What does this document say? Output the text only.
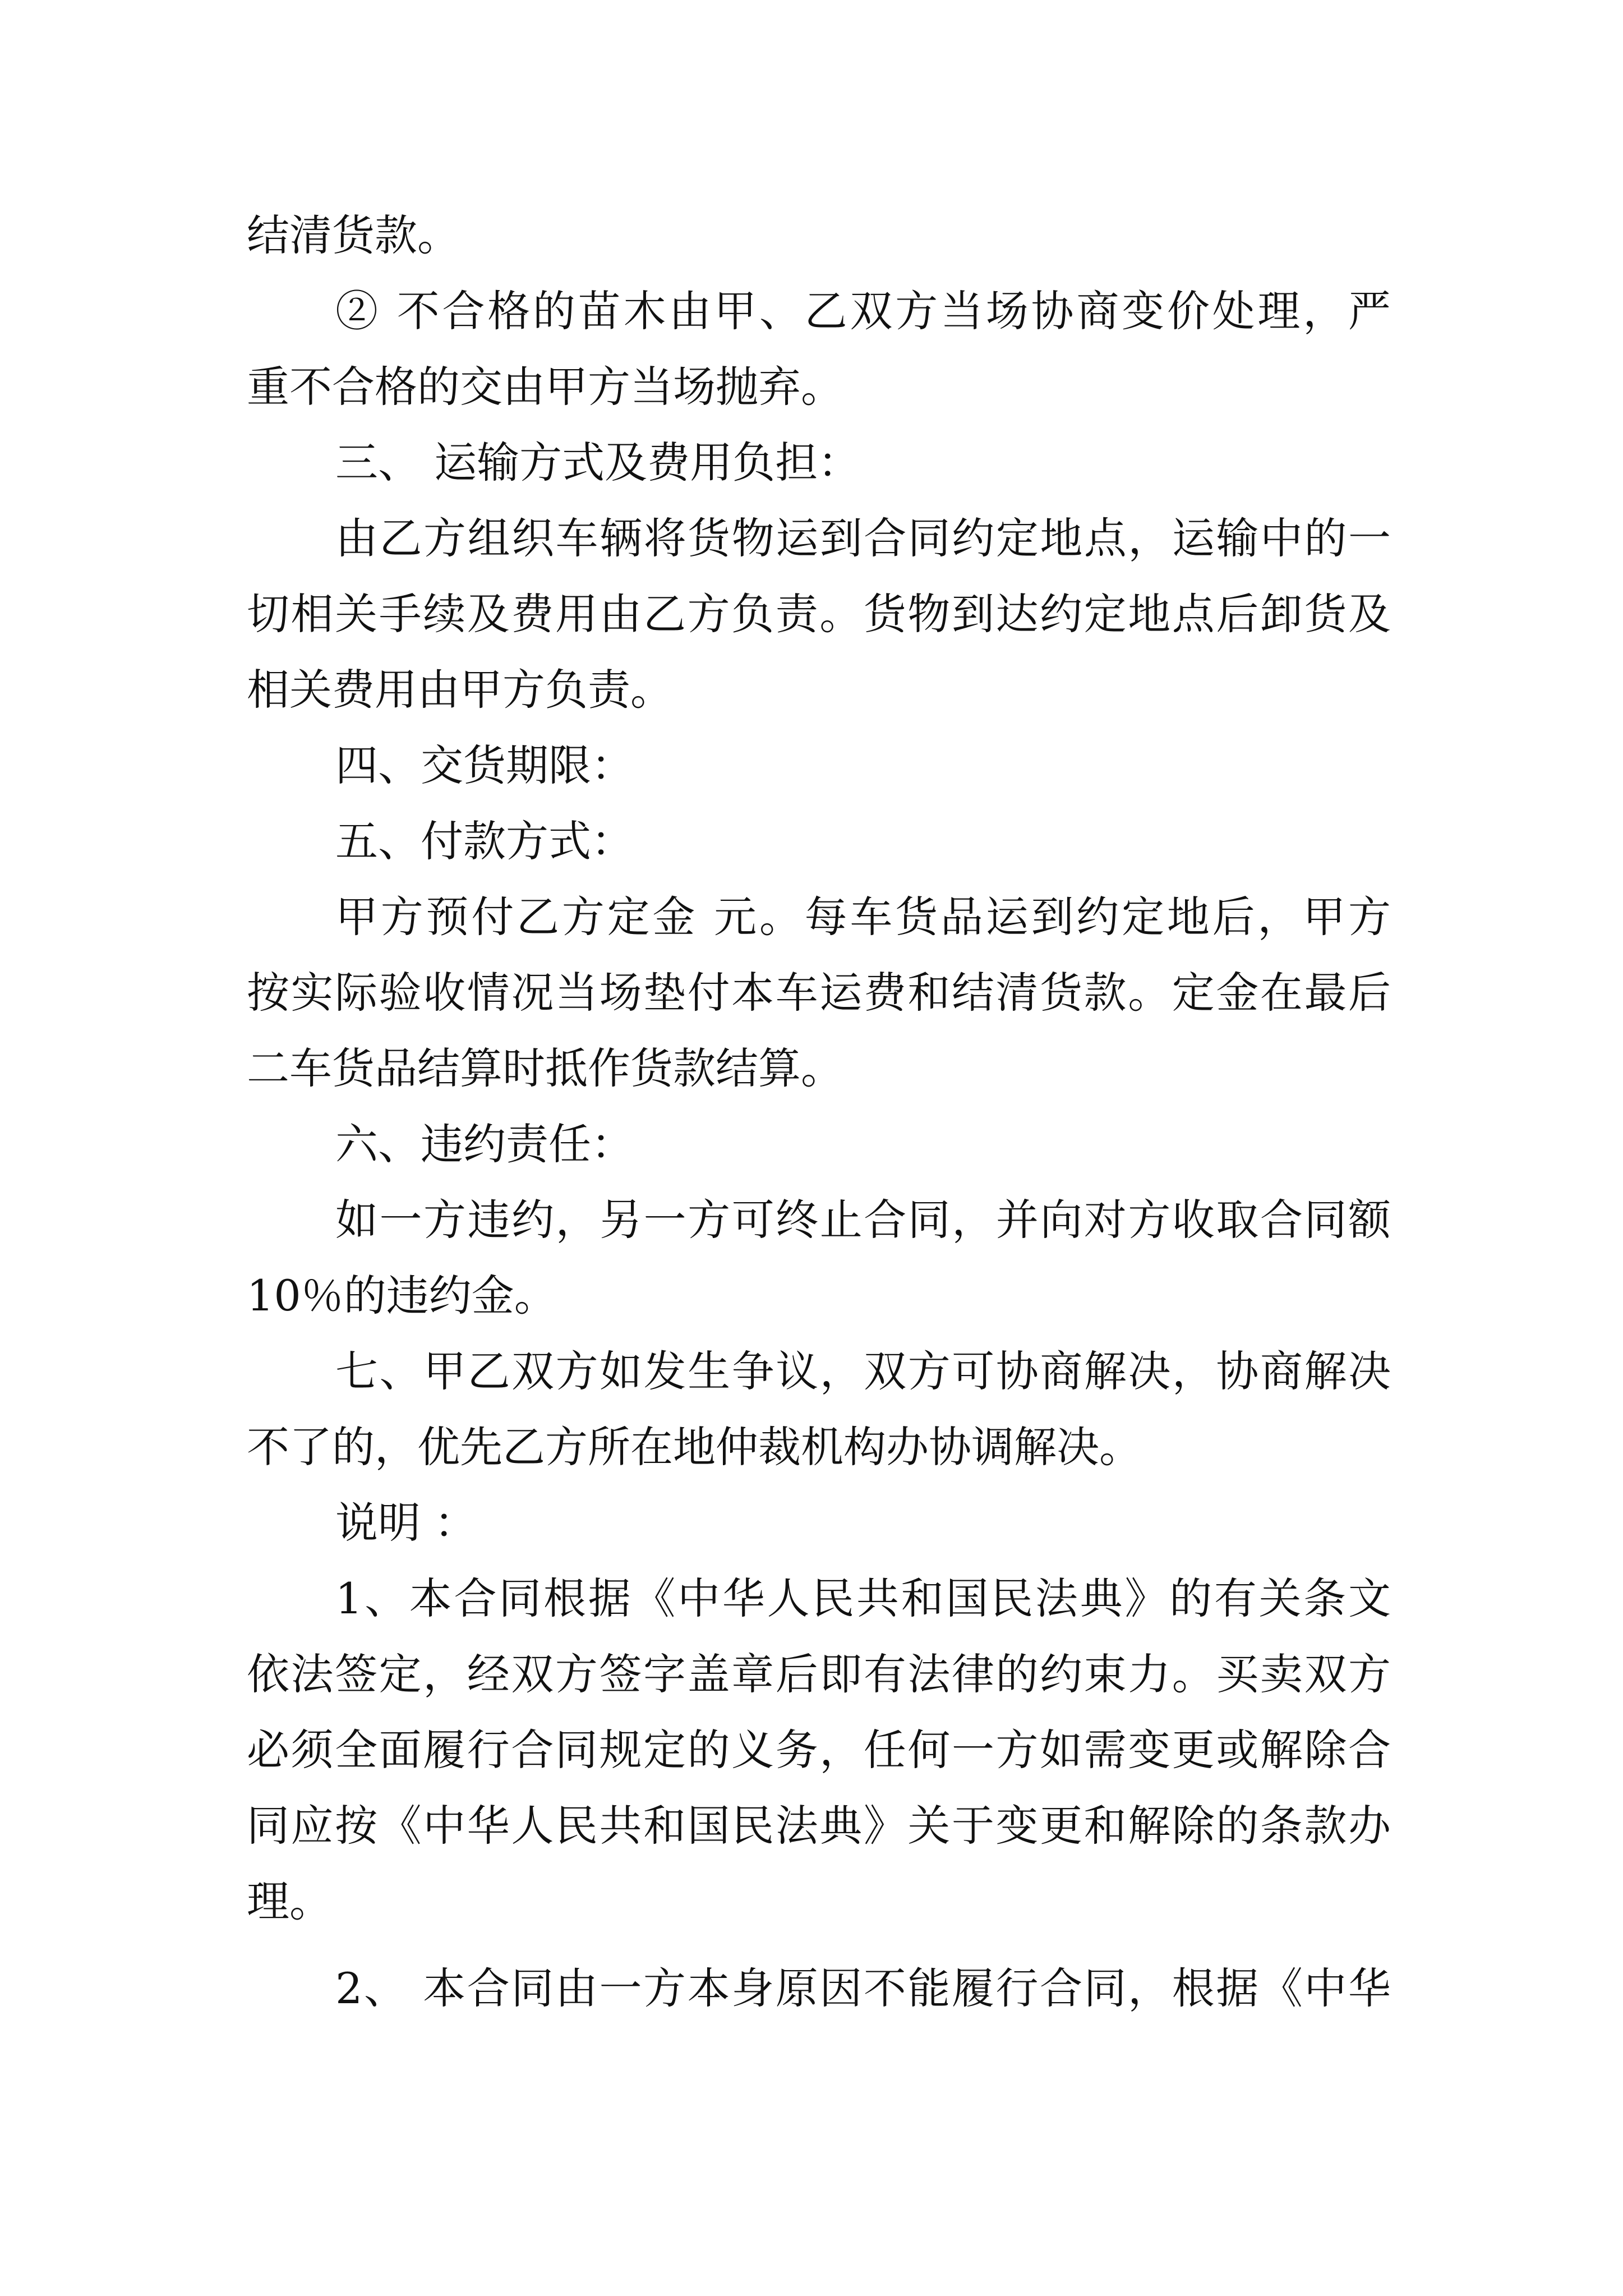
结清货款。
② 不合格的苗木由甲、乙双方当场协商变价处理，严
重不合格的交由甲方当场抛弃。
三、 运输方式及费用负担：
由乙方组织车辆将货物运到合同约定地点，运输中的一
切相关手续及费用由乙方负责。货物到达约定地点后卸货及
相关费用由甲方负责。
四、交货期限：
五、付款方式：
甲方预付乙方定金 元。每车货品运到约定地后，甲方
按实际验收情况当场垫付本车运费和结清货款。定金在最后
二车货品结算时抵作货款结算。
六、违约责任：
如一方违约，另一方可终止合同，并向对方收取合同额
10％的违约金。
七、甲乙双方如发生争议，双方可协商解决，协商解决
不了的，优先乙方所在地仲裁机构办协调解决。
说明 ：
1、本合同根据《中华人民共和国民法典》的有关条文
依法签定，经双方签字盖章后即有法律的约束力。买卖双方
必须全面履行合同规定的义务，任何一方如需变更或解除合
同应按《中华人民共和国民法典》关于变更和解除的条款办
理。
2、 本合同由一方本身原因不能履行合同，根据《中华
